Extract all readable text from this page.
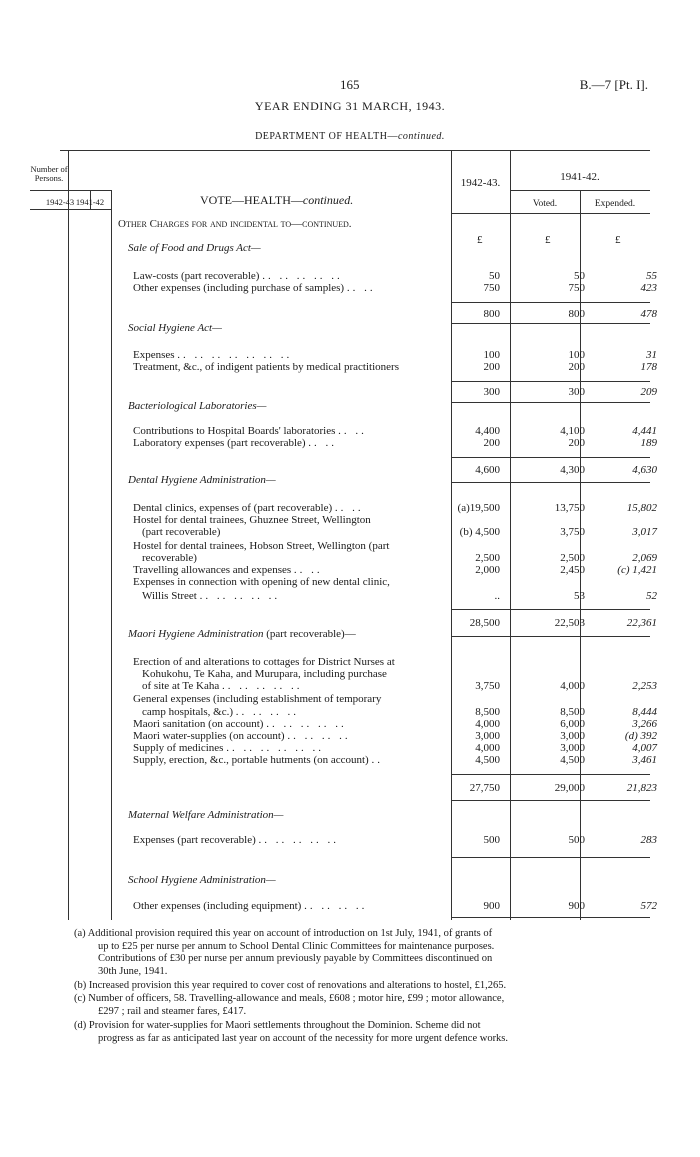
165	B.—7 [Pt. I].
YEAR ENDING 31 MARCH, 1943.
DEPARTMENT OF HEALTH—continued.
Number of Persons.
1942-43 1941-42	VOTE—HEALTH—continued.
1942-43.	1941-42.
Voted.	Expended.
Other Charges for and incidental to—continued.
£	£	£
Sale of Food and Drugs Act—
Law-costs (part recoverable) .. .. .. .. ..	50	50	55
Other expenses (including purchase of samples) .. ..	750	750	423
800	800	478
Social Hygiene Act—
Expenses .. .. .. .. .. .. ..	100	100	31
Treatment, &c., of indigent patients by medical practitioners	200	200	178
300	300	209
Bacteriological Laboratories—
Contributions to Hospital Boards' laboratories .. ..	4,400	4,100	4,441
Laboratory expenses (part recoverable) .. ..	200	200	189
4,600	4,300	4,630
Dental Hygiene Administration—
Dental clinics, expenses of (part recoverable) .. ..	(a)19,500	13,750	15,802
Hostel for dental trainees, Ghuznee Street, Wellington
(part recoverable)	(b) 4,500	3,750	3,017
Hostel for dental trainees, Hobson Street, Wellington (part
recoverable)	2,500	2,500	2,069
Travelling allowances and expenses .. ..	2,000	2,450	(c) 1,421
Expenses in connection with opening of new dental clinic,
Willis Street .. .. .. .. ..	..	53	52
28,500	22,503	22,361
Maori Hygiene Administration (part recoverable)—
Erection of and alterations to cottages for District Nurses at
Kohukohu, Te Kaha, and Murupara, including purchase
of site at Te Kaha .. .. .. .. ..	3,750	4,000	2,253
General expenses (including establishment of temporary
camp hospitals, &c.) .. .. .. ..	8,500	8,500	8,444
Maori sanitation (on account) .. .. .. .. ..	4,000	6,000	3,266
Maori water-supplies (on account) .. .. .. ..	3,000	3,000	(d) 392
Supply of medicines .. .. .. .. .. ..	4,000	3,000	4,007
Supply, erection, &c., portable hutments (on account) ..	4,500	4,500	3,461
27,750	29,000	21,823
Maternal Welfare Administration—
Expenses (part recoverable) .. .. .. .. ..	500	500	283
School Hygiene Administration—
Other expenses (including equipment) .. .. .. ..	900	900	572
(a) Additional provision required this year on account of introduction on 1st July, 1941, of grants of
up to £25 per nurse per annum to School Dental Clinic Committees for maintenance purposes.
Contributions of £30 per nurse per annum previously payable by Committees discontinued on
30th June, 1941.
(b) Increased provision this year required to cover cost of renovations and alterations to hostel, £1,265.
(c) Number of officers, 58. Travelling-allowance and meals, £608 ; motor hire, £99 ; motor allowance,
£297 ; rail and steamer fares, £417.
(d) Provision for water-supplies for Maori settlements throughout the Dominion. Scheme did not
progress as far as anticipated last year on account of the necessity for more urgent defence works.
